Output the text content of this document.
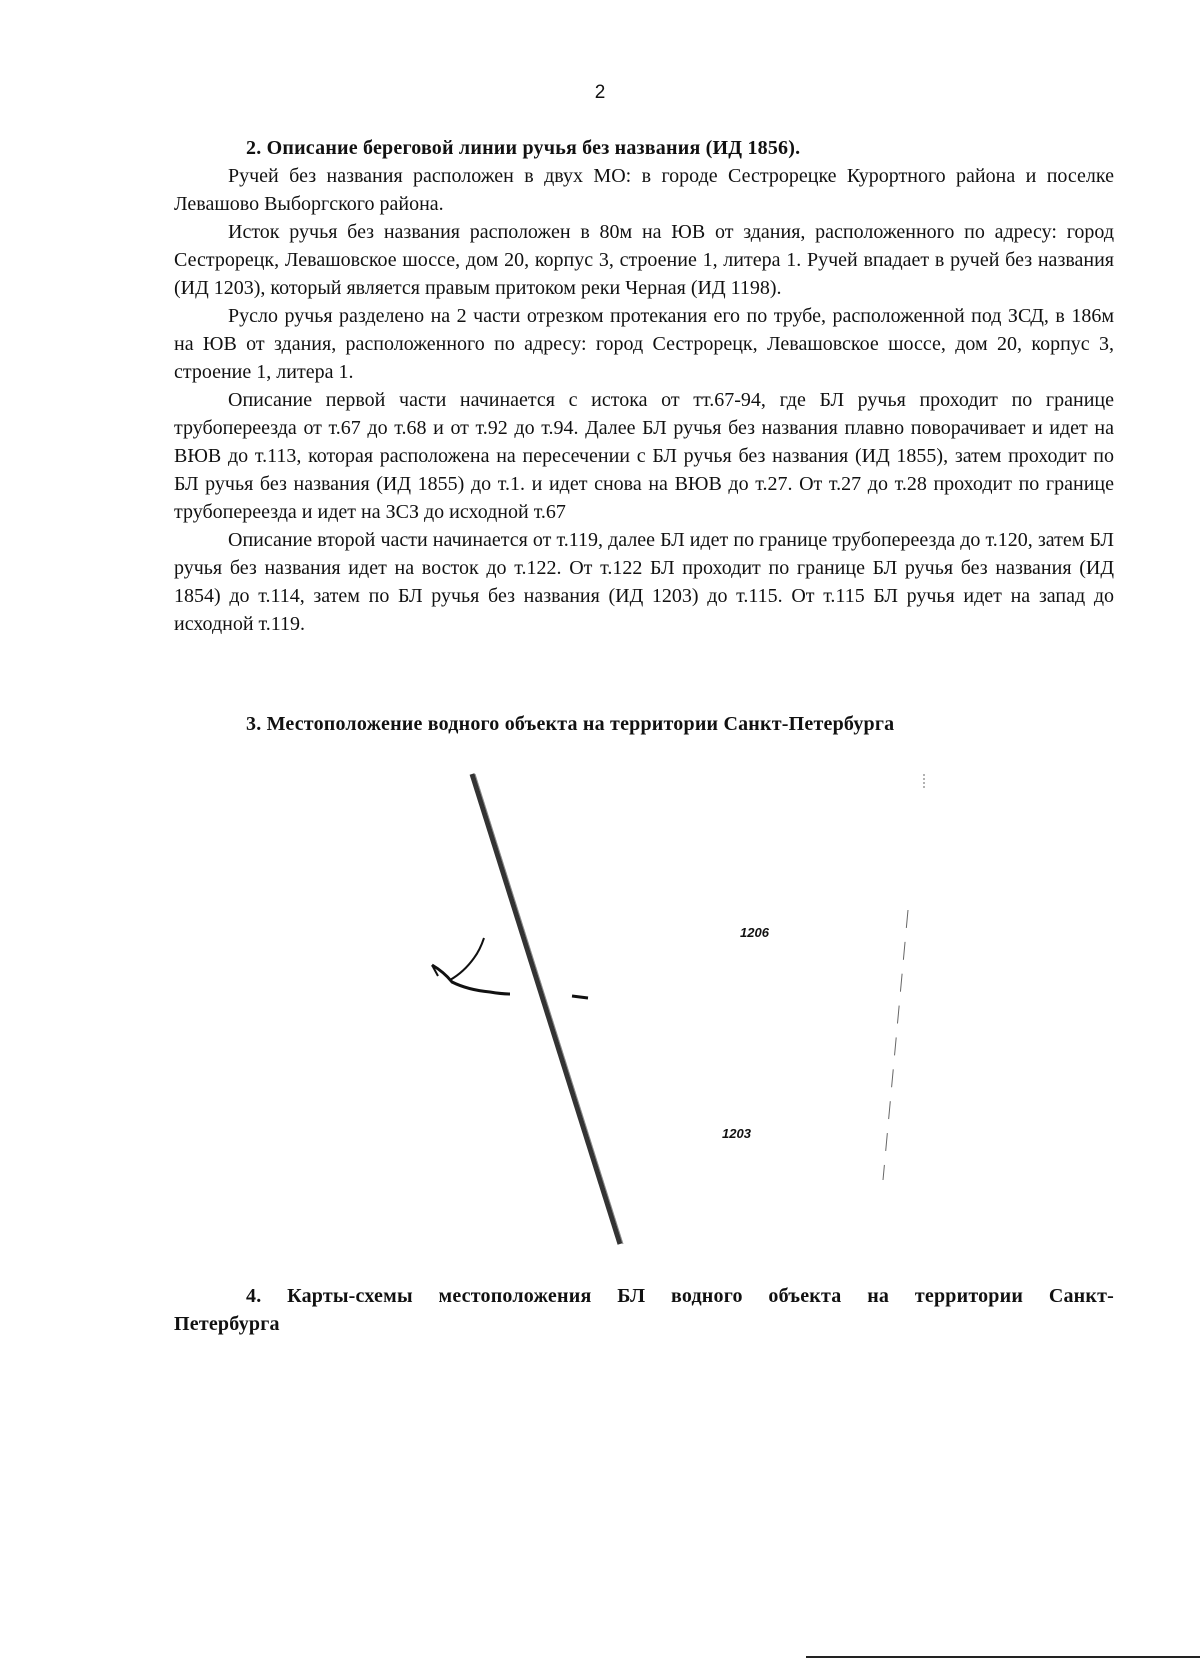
2
2. Описание береговой линии ручья без названия (ИД 1856).

Ручей без названия расположен в двух МО: в городе Сестрорецке Курортного района и поселке Левашово Выборгского района.

Исток ручья без названия расположен в 80м на ЮВ от здания, расположенного по адресу: город Сестрорецк, Левашовское шоссе, дом 20, корпус 3, строение 1, литера 1. Ручей впадает в ручей без названия (ИД 1203), который является правым притоком реки Черная (ИД 1198).

Русло ручья разделено на 2 части отрезком протекания его по трубе, расположенной под ЗСД, в 186м на ЮВ от здания, расположенного по адресу: город Сестрорецк, Левашовское шоссе, дом 20, корпус 3, строение 1, литера 1.

Описание первой части начинается с истока от тт.67-94, где БЛ ручья проходит по границе трубопереезда от т.67 до т.68 и от т.92 до т.94. Далее БЛ ручья без названия плавно поворачивает и идет на ВЮВ до т.113, которая расположена на пересечении с БЛ ручья без названия (ИД 1855), затем проходит по БЛ ручья без названия (ИД 1855) до т.1. и идет снова на ВЮВ до т.27. От т.27 до т.28 проходит по границе трубопереезда и идет на ЗСЗ до исходной т.67

Описание второй части начинается от т.119, далее БЛ идет по границе трубопереезда до т.120, затем БЛ ручья без названия идет на восток до т.122. От т.122 БЛ проходит по границе БЛ ручья без названия (ИД 1854) до т.114, затем по БЛ ручья без названия (ИД 1203) до т.115. От т.115 БЛ ручья идет на запад до исходной т.119.

3. Местоположение водного объекта на территории Санкт-Петербурга
1206
1203
4. Карты-схемы местоположения БЛ водного объекта на территории Санкт-Петербурга
